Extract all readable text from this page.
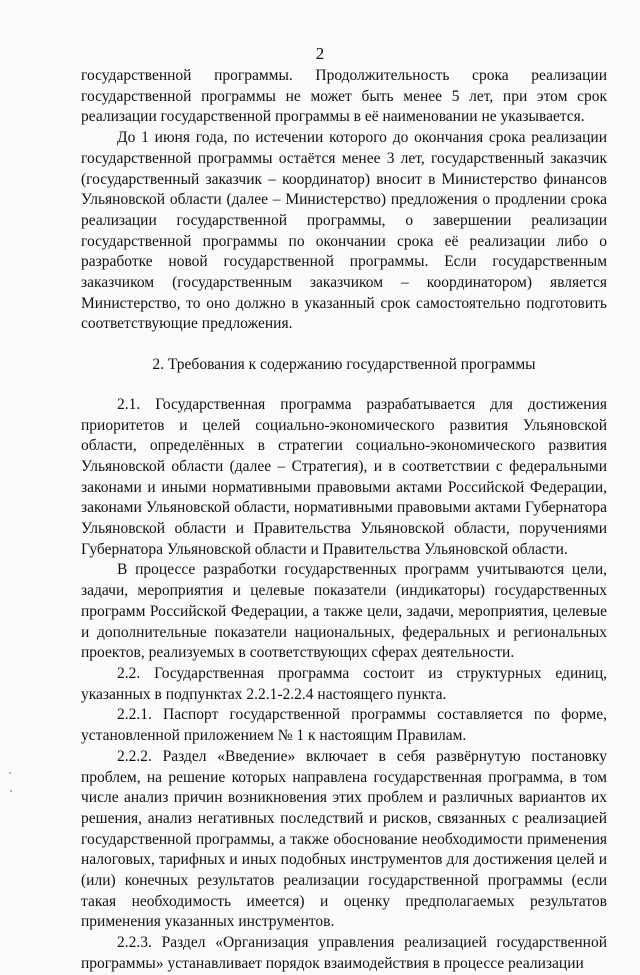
2

государственной программы. Продолжительность срока реализации государственной программы не может быть менее 5 лет, при этом срок реализации государственной программы в её наименовании не указывается.

До 1 июня года, по истечении которого до окончания срока реализации государственной программы остаётся менее 3 лет, государственный заказчик (государственный заказчик – координатор) вносит в Министерство финансов Ульяновской области (далее – Министерство) предложения о продлении срока реализации государственной программы, о завершении реализации государственной программы по окончании срока её реализации либо о разработке новой государственной программы. Если государственным заказчиком (государственным заказчиком – координатором) является Министерство, то оно должно в указанный срок самостоятельно подготовить соответствующие предложения.

2. Требования к содержанию государственной программы

2.1. Государственная программа разрабатывается для достижения приоритетов и целей социально-экономического развития Ульяновской области, определённых в стратегии социально-экономического развития Ульяновской области (далее – Стратегия), и в соответствии с федеральными законами и иными нормативными правовыми актами Российской Федерации, законами Ульяновской области, нормативными правовыми актами Губернатора Ульяновской области и Правительства Ульяновской области, поручениями Губернатора Ульяновской области и Правительства Ульяновской области.

В процессе разработки государственных программ учитываются цели, задачи, мероприятия и целевые показатели (индикаторы) государственных программ Российской Федерации, а также цели, задачи, мероприятия, целевые и дополнительные показатели национальных, федеральных и региональных проектов, реализуемых в соответствующих сферах деятельности.

2.2. Государственная программа состоит из структурных единиц, указанных в подпунктах 2.2.1-2.2.4 настоящего пункта.

2.2.1. Паспорт государственной программы составляется по форме, установленной приложением № 1 к настоящим Правилам.

2.2.2. Раздел «Введение» включает в себя развёрнутую постановку проблем, на решение которых направлена государственная программа, в том числе анализ причин возникновения этих проблем и различных вариантов их решения, анализ негативных последствий и рисков, связанных с реализацией государственной программы, а также обоснование необходимости применения налоговых, тарифных и иных подобных инструментов для достижения целей и (или) конечных результатов реализации государственной программы (если такая необходимость имеется) и оценку предполагаемых результатов применения указанных инструментов.

2.2.3. Раздел «Организация управления реализацией государственной программы» устанавливает порядок взаимодействия в процессе реализации
